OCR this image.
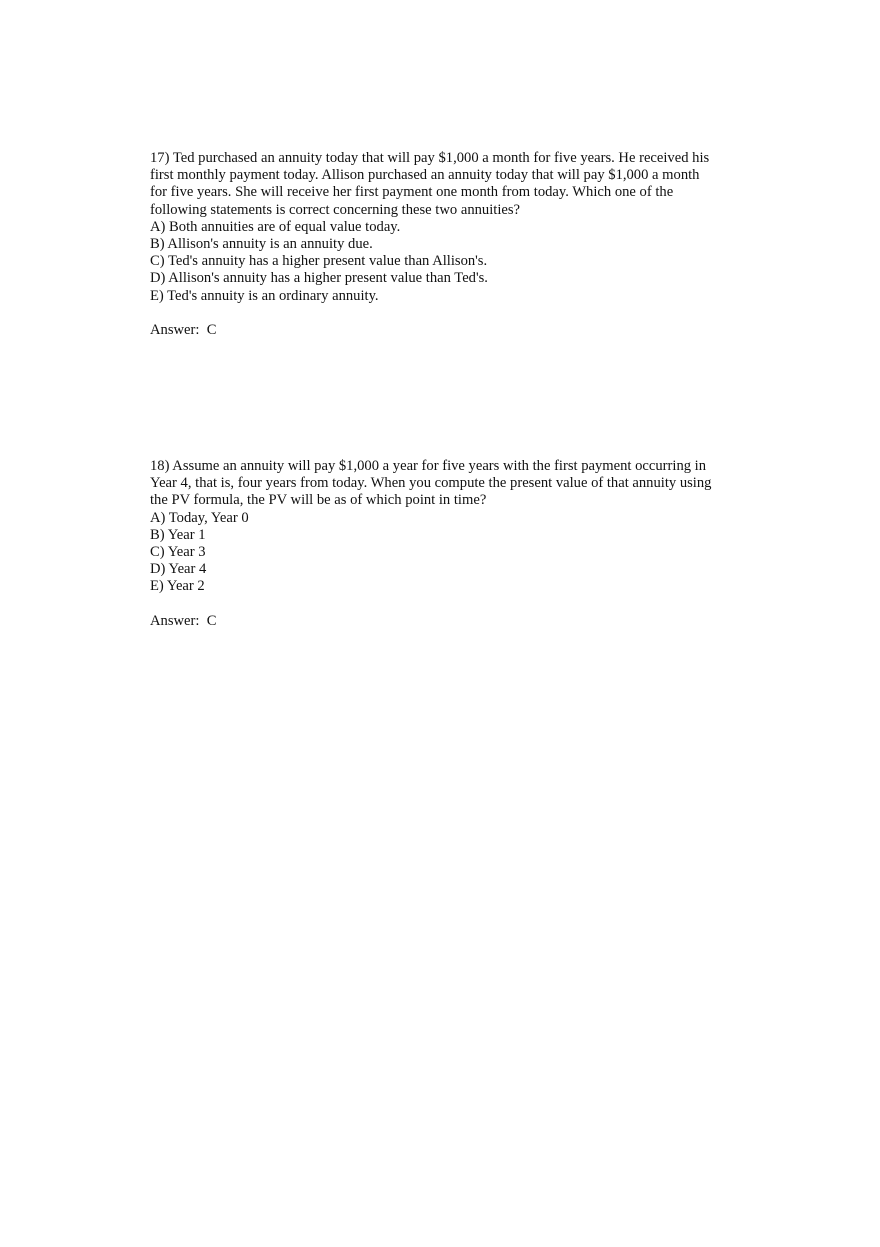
17) Ted purchased an annuity today that will pay $1,000 a month for five years. He received his
first monthly payment today. Allison purchased an annuity today that will pay $1,000 a month
for five years. She will receive her first payment one month from today. Which one of the
following statements is correct concerning these two annuities?
A) Both annuities are of equal value today.
B) Allison's annuity is an annuity due.
C) Ted's annuity has a higher present value than Allison's.
D) Allison's annuity has a higher present value than Ted's.
E) Ted's annuity is an ordinary annuity.
Answer:  C
18) Assume an annuity will pay $1,000 a year for five years with the first payment occurring in
Year 4, that is, four years from today. When you compute the present value of that annuity using
the PV formula, the PV will be as of which point in time?
A) Today, Year 0
B) Year 1
C) Year 3
D) Year 4
E) Year 2
Answer:  C
